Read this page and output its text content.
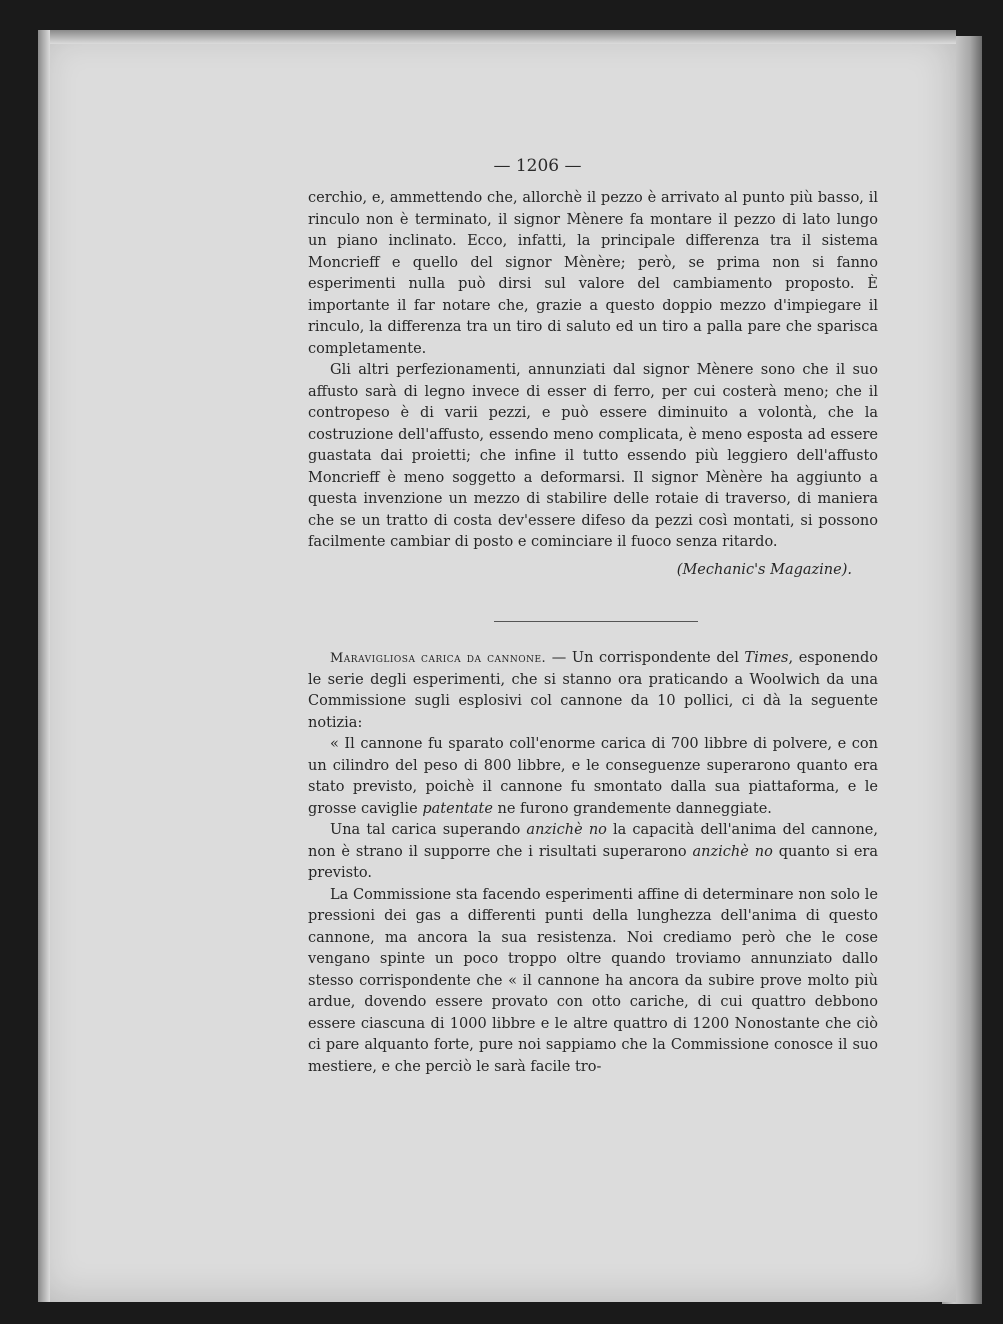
— 1206 —

cerchio, e, ammettendo che, allorchè il pezzo è arrivato al punto più basso, il rinculo non è terminato, il signor Mènere fa montare il pezzo di lato lungo un piano inclinato. Ecco, infatti, la principale differenza tra il sistema Moncrieff e quello del signor Mènère; però, se prima non si fanno esperimenti nulla può dirsi sul valore del cambiamento proposto. È importante il far notare che, grazie a questo doppio mezzo d'impiegare il rinculo, la differenza tra un tiro di saluto ed un tiro a palla pare che sparisca completamente.

Gli altri perfezionamenti, annunziati dal signor Mènere sono che il suo affusto sarà di legno invece di esser di ferro, per cui costerà meno; che il contropeso è di varii pezzi, e può essere diminuito a volontà, che la costruzione dell'affusto, essendo meno complicata, è meno esposta ad essere guastata dai proietti; che infine il tutto essendo più leggiero dell'affusto Moncrieff è meno soggetto a deformarsi. Il signor Mènère ha aggiunto a questa invenzione un mezzo di stabilire delle rotaie di traverso, di maniera che se un tratto di costa dev'essere difeso da pezzi così montati, si possono facilmente cambiar di posto e cominciare il fuoco senza ritardo.

(Mechanic's Magazine).

Maravigliosa carica da cannone. — Un corrispondente del Times, esponendo le serie degli esperimenti, che si stanno ora praticando a Woolwich da una Commissione sugli esplosivi col cannone da 10 pollici, ci dà la seguente notizia:

« Il cannone fu sparato coll'enorme carica di 700 libbre di polvere, e con un cilindro del peso di 800 libbre, e le conseguenze superarono quanto era stato previsto, poichè il cannone fu smontato dalla sua piattaforma, e le grosse caviglie patentate ne furono grandemente danneggiate.

Una tal carica superando anzichè no la capacità dell'anima del cannone, non è strano il supporre che i risultati superarono anzichè no quanto si era previsto.

La Commissione sta facendo esperimenti affine di determinare non solo le pressioni dei gas a differenti punti della lunghezza dell'anima di questo cannone, ma ancora la sua resistenza. Noi crediamo però che le cose vengano spinte un poco troppo oltre quando troviamo annunziato dallo stesso corrispondente che « il cannone ha ancora da subire prove molto più ardue, dovendo essere provato con otto cariche, di cui quattro debbono essere ciascuna di 1000 libbre e le altre quattro di 1200 Nonostante che ciò ci pare alquanto forte, pure noi sappiamo che la Commissione conosce il suo mestiere, e che perciò le sarà facile tro-
